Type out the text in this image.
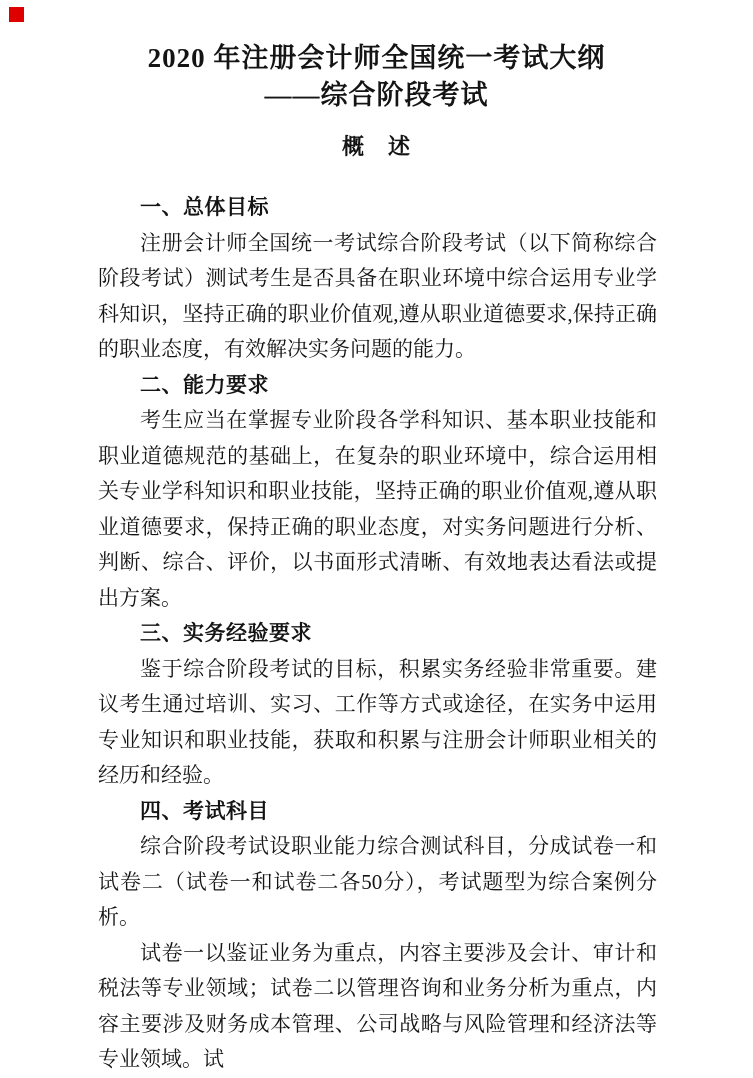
2020 年注册会计师全国统一考试大纲
——综合阶段考试
概　述
一、总体目标

注册会计师全国统一考试综合阶段考试（以下简称综合阶段考试）测试考生是否具备在职业环境中综合运用专业学科知识，坚持正确的职业价值观,遵从职业道德要求,保持正确的职业态度，有效解决实务问题的能力。

二、能力要求

考生应当在掌握专业阶段各学科知识、基本职业技能和职业道德规范的基础上，在复杂的职业环境中，综合运用相关专业学科知识和职业技能，坚持正确的职业价值观,遵从职业道德要求，保持正确的职业态度，对实务问题进行分析、判断、综合、评价，以书面形式清晰、有效地表达看法或提出方案。

三、实务经验要求

鉴于综合阶段考试的目标，积累实务经验非常重要。建议考生通过培训、实习、工作等方式或途径，在实务中运用专业知识和职业技能，获取和积累与注册会计师职业相关的经历和经验。

四、考试科目

综合阶段考试设职业能力综合测试科目，分成试卷一和试卷二（试卷一和试卷二各50分），考试题型为综合案例分析。

试卷一以鉴证业务为重点，内容主要涉及会计、审计和税法等专业领域；试卷二以管理咨询和业务分析为重点，内容主要涉及财务成本管理、公司战略与风险管理和经济法等专业领域。试
